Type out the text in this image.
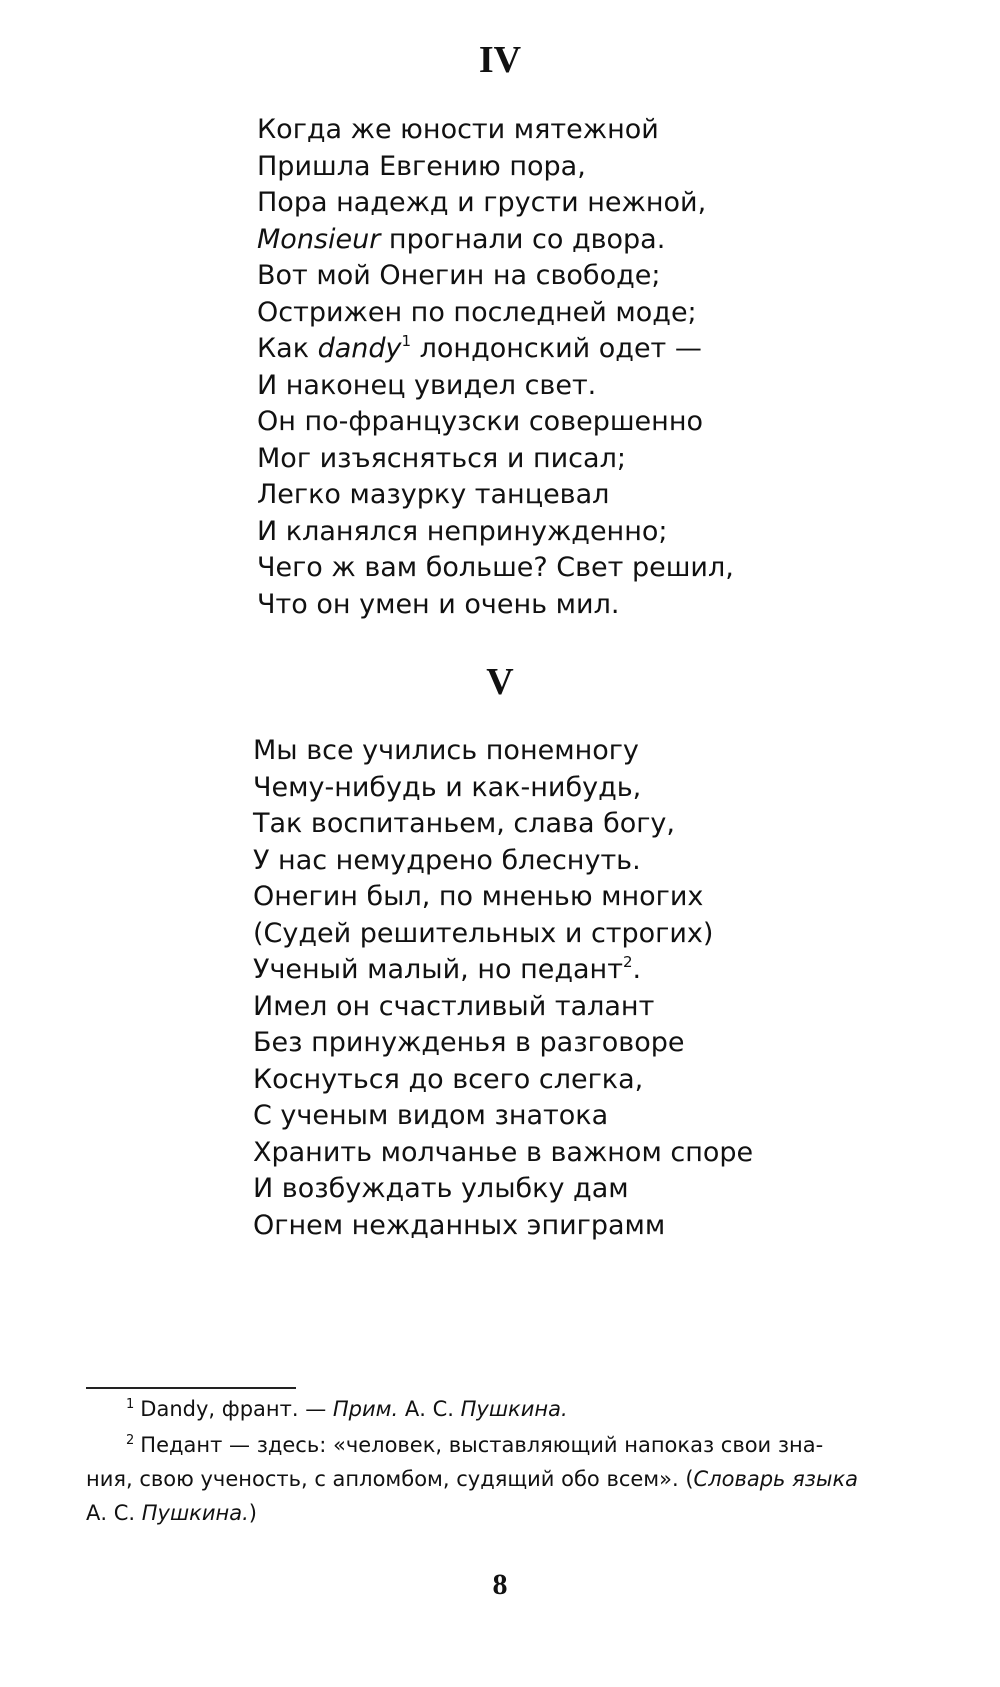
IV
Когда же юности мятежной
Пришла Евгению пора,
Пора надежд и грусти нежной,
Monsieur прогнали со двора.
Вот мой Онегин на свободе;
Острижен по последней моде;
Как dandy$^1$ лондонский одет —
И наконец увидел свет.
Он по-французски совершенно
Мог изъясняться и писал;
Легко мазурку танцевал
И кланялся непринужденно;
Чего ж вам больше? Свет решил,
Что он умен и очень мил.
V
Мы все учились понемногу
Чему-нибудь и как-нибудь,
Так воспитаньем, слава богу,
У нас немудрено блеснуть.
Онегин был, по мненью многих
(Судей решительных и строгих)
Ученый малый, но педант$^2$.
Имел он счастливый талант
Без принужденья в разговоре
Коснуться до всего слегка,
С ученым видом знатока
Хранить молчанье в важном споре
И возбуждать улыбку дам
Огнем нежданных эпиграмм
$^1$ Dandy, франт. — Прим. А. С. Пушкина.
$^2$ Педант — здесь: «человек, выставляющий напоказ свои зна-
ния, свою ученость, с апломбом, судящий обо всем». (Словарь языка
А. С. Пушкина.)
8
